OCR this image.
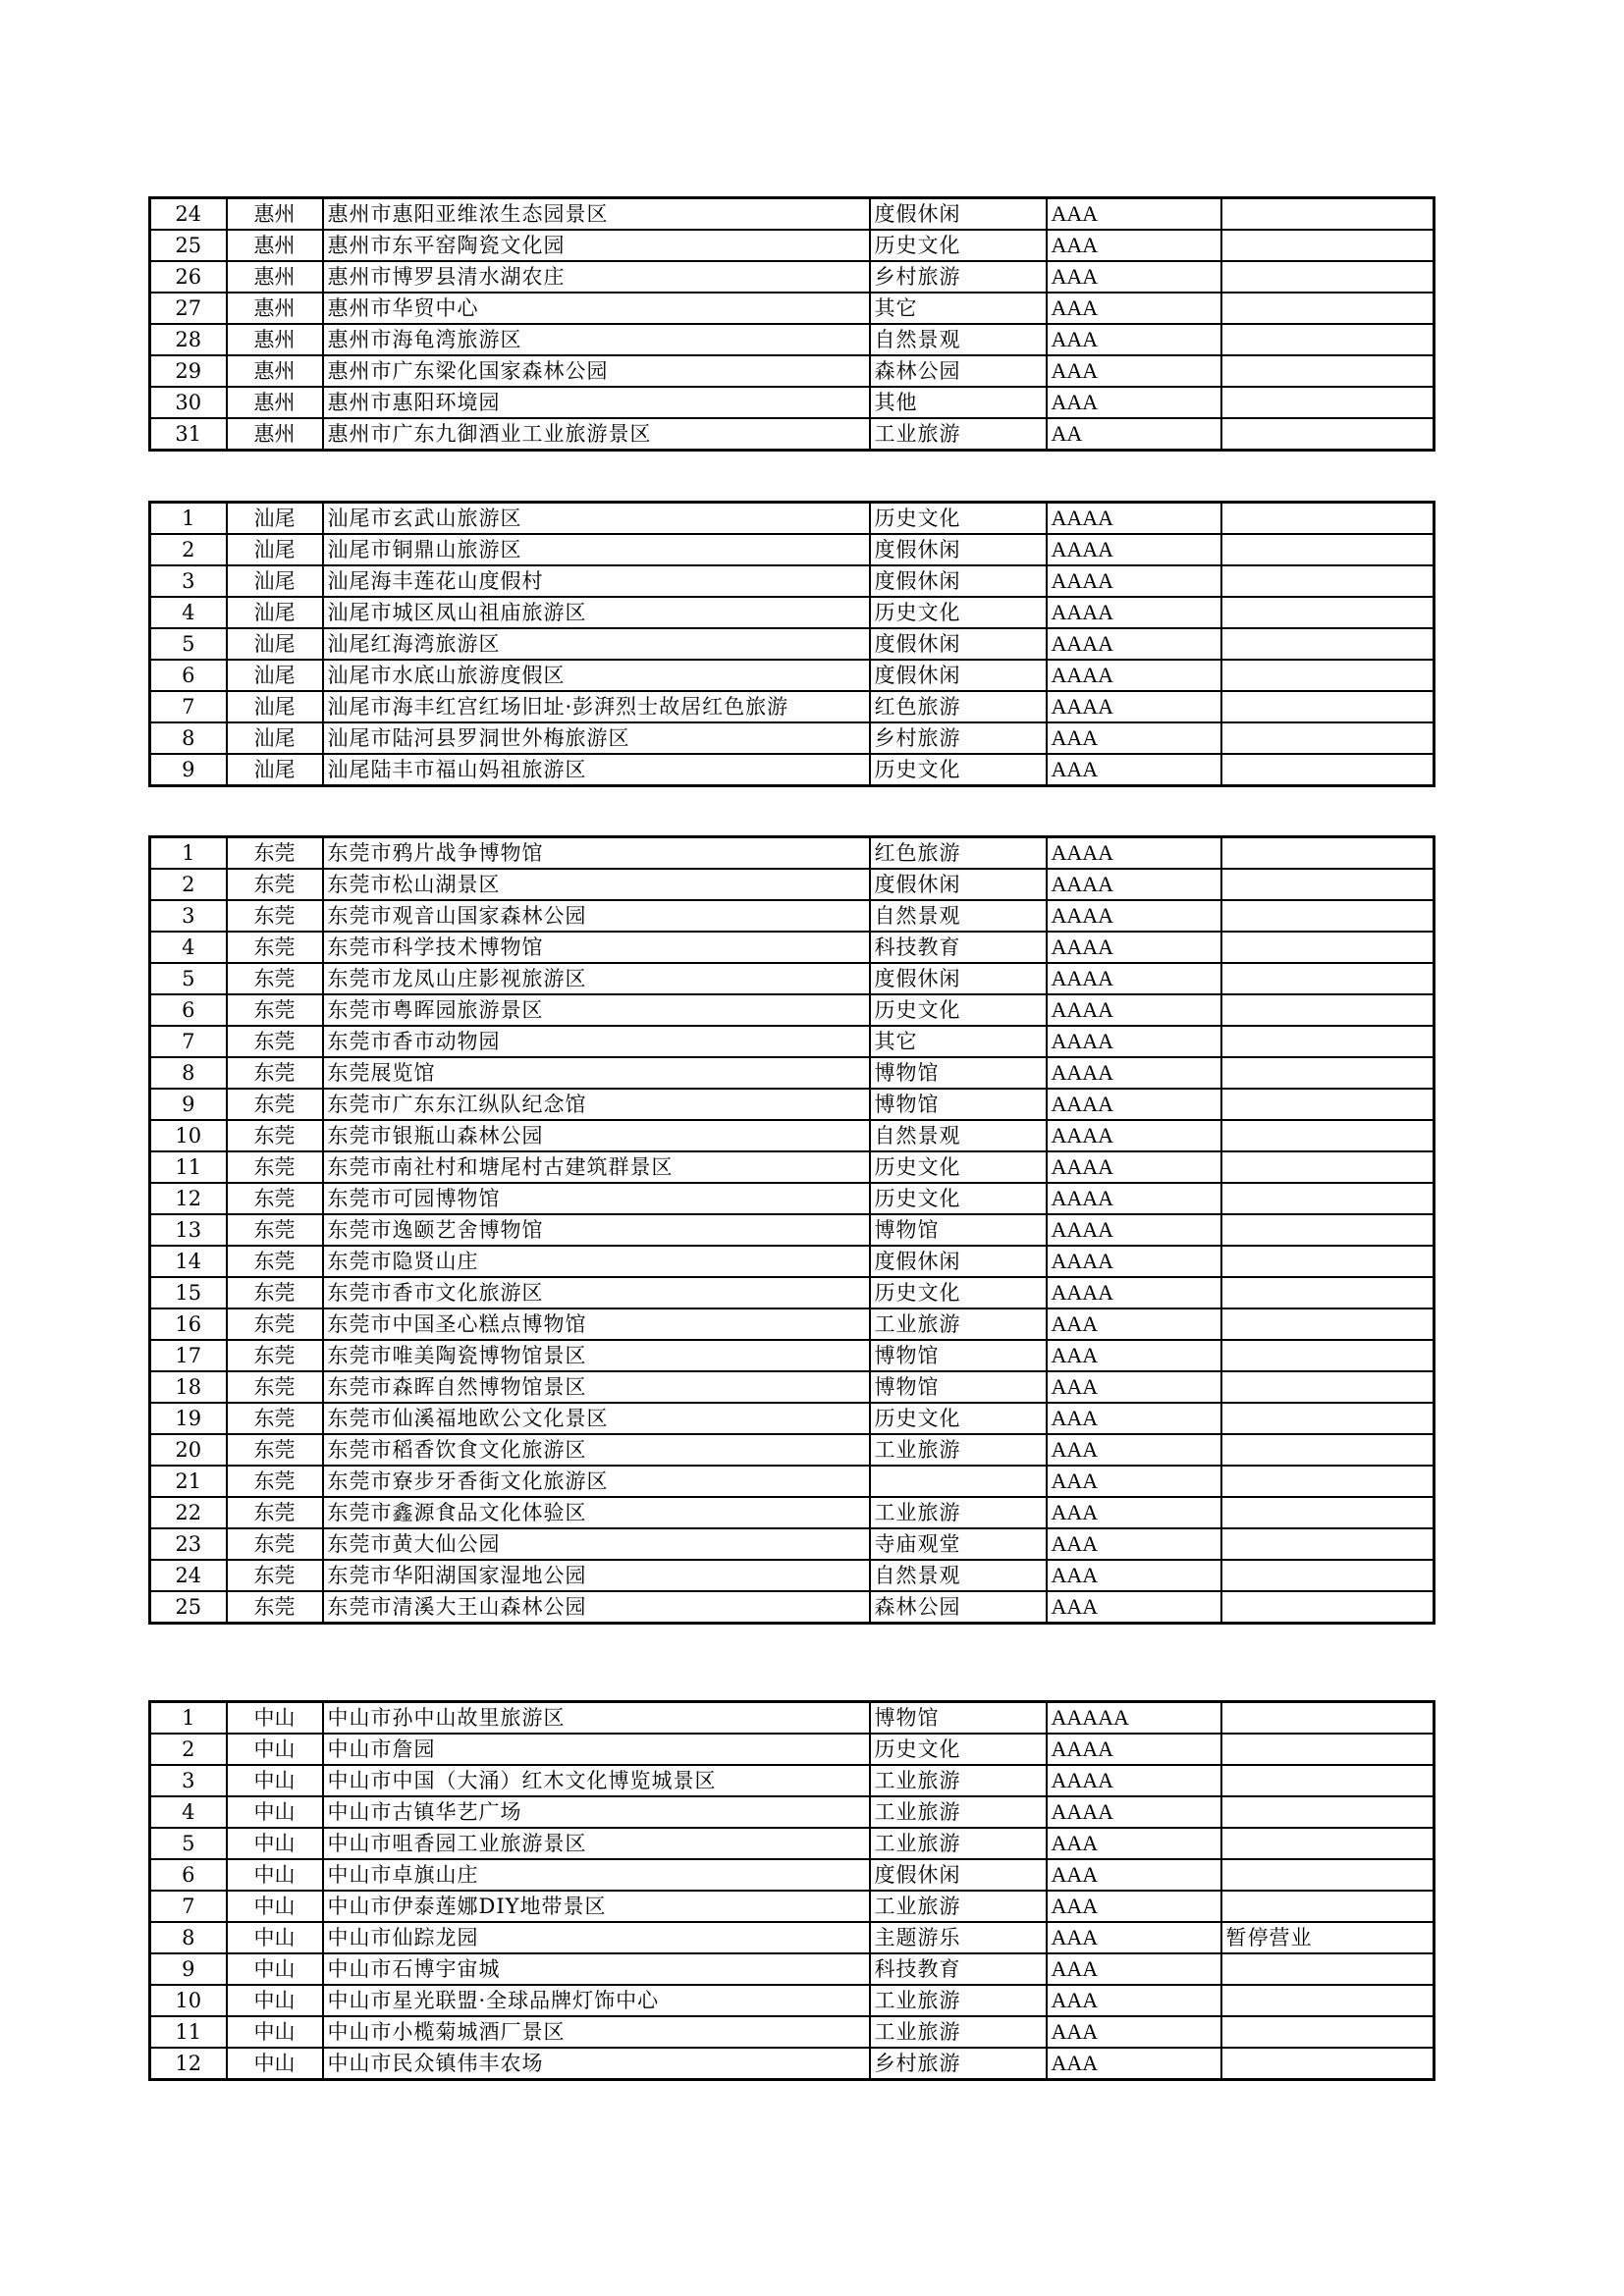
24	惠州	惠州市惠阳亚维浓生态园景区	度假休闲	AAA	
25	惠州	惠州市东平窑陶瓷文化园	历史文化	AAA	
26	惠州	惠州市博罗县清水湖农庄	乡村旅游	AAA	
27	惠州	惠州市华贸中心	其它	AAA	
28	惠州	惠州市海龟湾旅游区	自然景观	AAA	
29	惠州	惠州市广东梁化国家森林公园	森林公园	AAA	
30	惠州	惠州市惠阳环境园	其他	AAA	
31	惠州	惠州市广东九御酒业工业旅游景区	工业旅游	AA	
1	汕尾	汕尾市玄武山旅游区	历史文化	AAAA	
2	汕尾	汕尾市铜鼎山旅游区	度假休闲	AAAA	
3	汕尾	汕尾海丰莲花山度假村	度假休闲	AAAA	
4	汕尾	汕尾市城区凤山祖庙旅游区	历史文化	AAAA	
5	汕尾	汕尾红海湾旅游区	度假休闲	AAAA	
6	汕尾	汕尾市水底山旅游度假区	度假休闲	AAAA	
7	汕尾	汕尾市海丰红宫红场旧址·彭湃烈士故居红色旅游	红色旅游	AAAA	
8	汕尾	汕尾市陆河县罗洞世外梅旅游区	乡村旅游	AAA	
9	汕尾	汕尾陆丰市福山妈祖旅游区	历史文化	AAA	
1	东莞	东莞市鸦片战争博物馆	红色旅游	AAAA	
2	东莞	东莞市松山湖景区	度假休闲	AAAA	
3	东莞	东莞市观音山国家森林公园	自然景观	AAAA	
4	东莞	东莞市科学技术博物馆	科技教育	AAAA	
5	东莞	东莞市龙凤山庄影视旅游区	度假休闲	AAAA	
6	东莞	东莞市粤晖园旅游景区	历史文化	AAAA	
7	东莞	东莞市香市动物园	其它	AAAA	
8	东莞	东莞展览馆	博物馆	AAAA	
9	东莞	东莞市广东东江纵队纪念馆	博物馆	AAAA	
10	东莞	东莞市银瓶山森林公园	自然景观	AAAA	
11	东莞	东莞市南社村和塘尾村古建筑群景区	历史文化	AAAA	
12	东莞	东莞市可园博物馆	历史文化	AAAA	
13	东莞	东莞市逸颐艺舍博物馆	博物馆	AAAA	
14	东莞	东莞市隐贤山庄	度假休闲	AAAA	
15	东莞	东莞市香市文化旅游区	历史文化	AAAA	
16	东莞	东莞市中国圣心糕点博物馆	工业旅游	AAA	
17	东莞	东莞市唯美陶瓷博物馆景区	博物馆	AAA	
18	东莞	东莞市森晖自然博物馆景区	博物馆	AAA	
19	东莞	东莞市仙溪福地欧公文化景区	历史文化	AAA	
20	东莞	东莞市稻香饮食文化旅游区	工业旅游	AAA	
21	东莞	东莞市寮步牙香街文化旅游区		AAA	
22	东莞	东莞市鑫源食品文化体验区	工业旅游	AAA	
23	东莞	东莞市黄大仙公园	寺庙观堂	AAA	
24	东莞	东莞市华阳湖国家湿地公园	自然景观	AAA	
25	东莞	东莞市清溪大王山森林公园	森林公园	AAA	
1	中山	中山市孙中山故里旅游区	博物馆	AAAAA	
2	中山	中山市詹园	历史文化	AAAA	
3	中山	中山市中国（大涌）红木文化博览城景区	工业旅游	AAAA	
4	中山	中山市古镇华艺广场	工业旅游	AAAA	
5	中山	中山市咀香园工业旅游景区	工业旅游	AAA	
6	中山	中山市卓旗山庄	度假休闲	AAA	
7	中山	中山市伊泰莲娜DIY地带景区	工业旅游	AAA	
8	中山	中山市仙踪龙园	主题游乐	AAA	暂停营业
9	中山	中山市石博宇宙城	科技教育	AAA	
10	中山	中山市星光联盟·全球品牌灯饰中心	工业旅游	AAA	
11	中山	中山市小榄菊城酒厂景区	工业旅游	AAA	
12	中山	中山市民众镇伟丰农场	乡村旅游	AAA	
